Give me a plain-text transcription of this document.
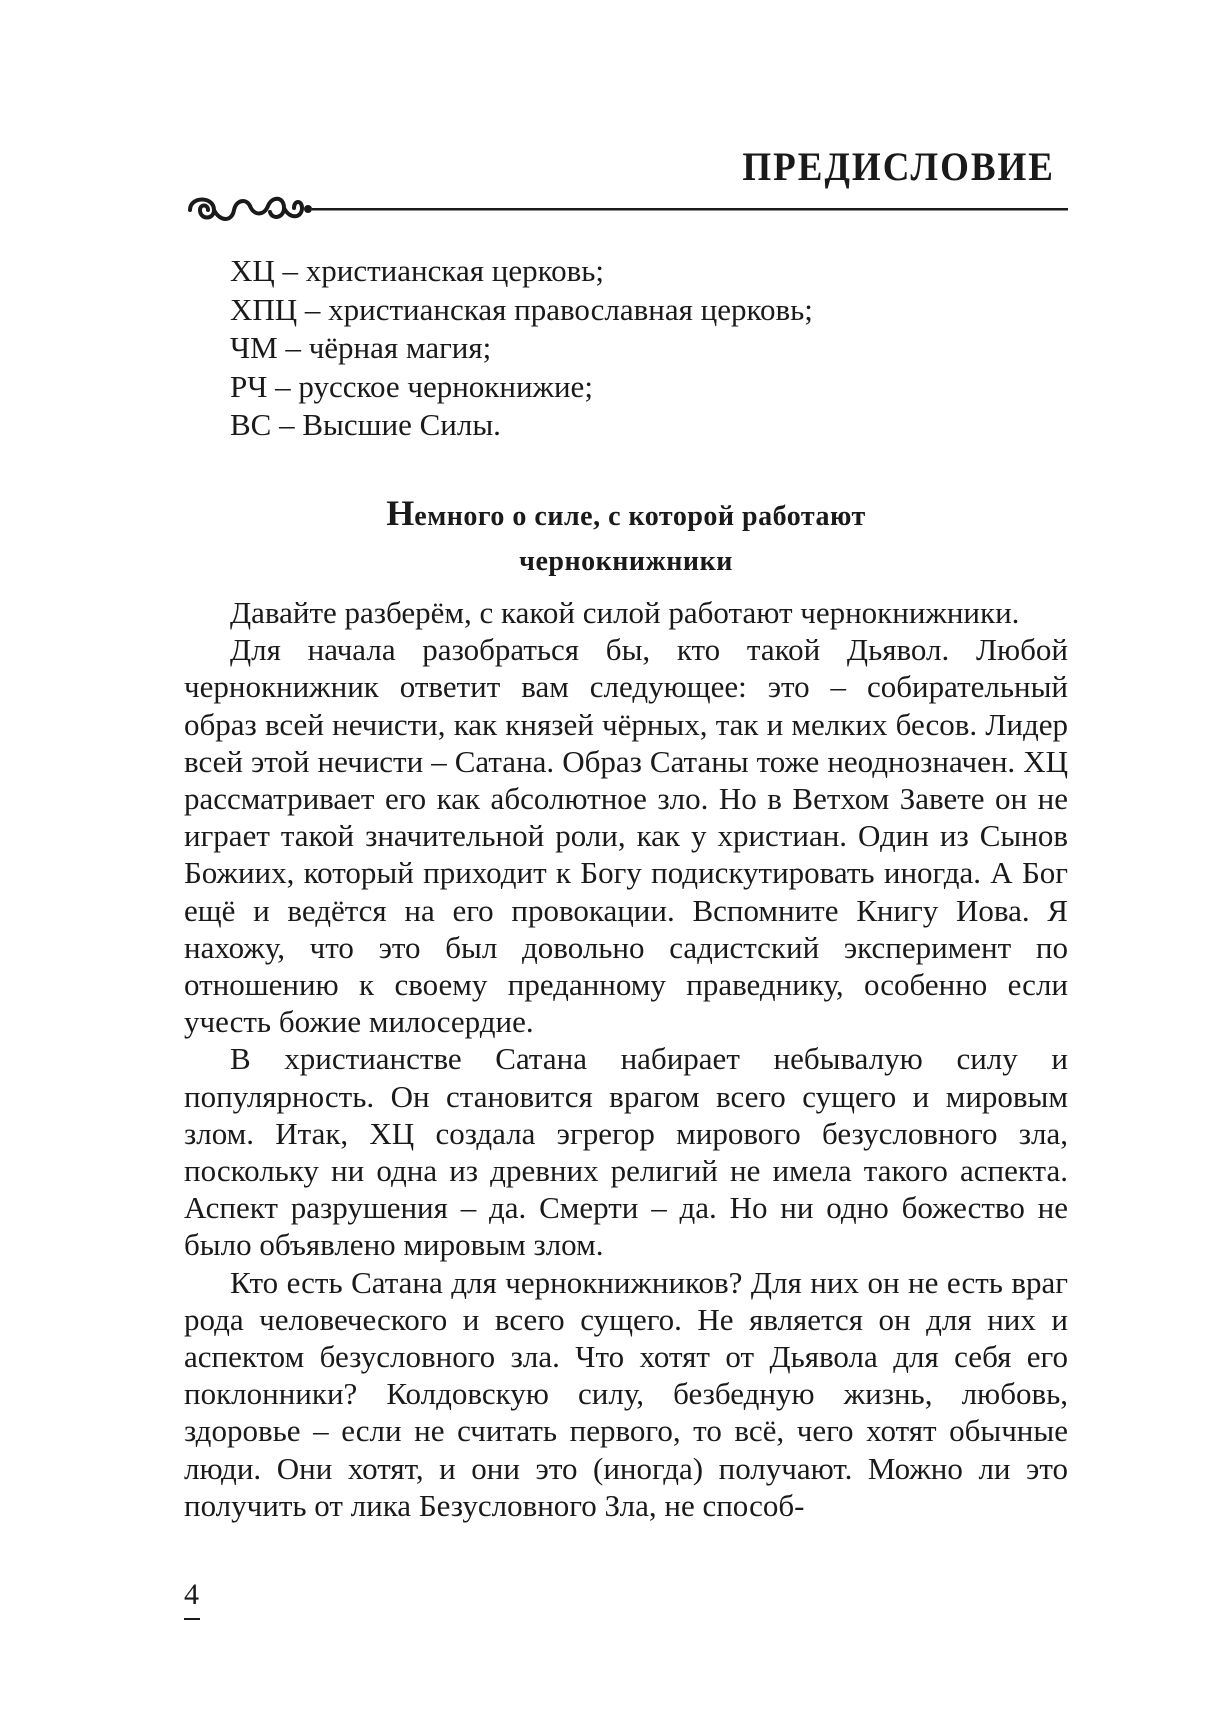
ПРЕДИСЛОВИЕ
ХЦ – христианская церковь;
ХПЦ – христианская православная церковь;
ЧМ – чёрная магия;
РЧ – русское чернокнижие;
ВС – Высшие Силы.
Немного о силе, с которой работают
чернокнижники

Давайте разберём, с какой силой работают чернокнижники.

Для начала разобраться бы, кто такой Дьявол. Любой чернокнижник ответит вам следующее: это – собирательный образ всей нечисти, как князей чёрных, так и мелких бесов. Лидер всей этой нечисти – Сатана. Образ Сатаны тоже неоднозначен. ХЦ рассматривает его как абсолютное зло. Но в Ветхом Завете он не играет такой значительной роли, как у христиан. Один из Сынов Божиих, который приходит к Богу подискутировать иногда. А Бог ещё и ведётся на его провокации. Вспомните Книгу Иова. Я нахожу, что это был довольно садистский эксперимент по отношению к своему преданному праведнику, особенно если учесть божие милосердие.

В христианстве Сатана набирает небывалую силу и популярность. Он становится врагом всего сущего и мировым злом. Итак, ХЦ создала эгрегор мирового безусловного зла, поскольку ни одна из древних религий не имела такого аспекта. Аспект разрушения – да. Смерти – да. Но ни одно божество не было объявлено мировым злом.

Кто есть Сатана для чернокнижников? Для них он не есть враг рода человеческого и всего сущего. Не является он для них и аспектом безусловного зла. Что хотят от Дьявола для себя его поклонники? Колдовскую силу, безбедную жизнь, любовь, здоровье – если не считать первого, то всё, чего хотят обычные люди. Они хотят, и они это (иногда) получают. Можно ли это получить от лика Безусловного Зла, не способ-

4
